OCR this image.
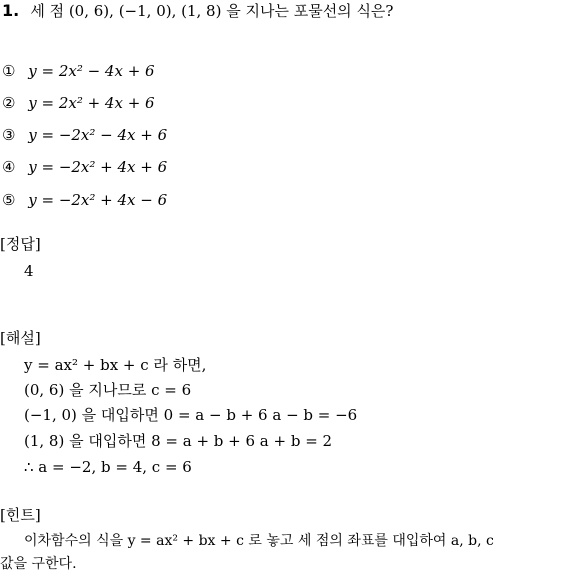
1. 세 점 (0, 6), (−1, 0), (1, 8) 을 지나는 포물선의 식은?
① y = 2x² − 4x + 6
② y = 2x² + 4x + 6
③ y = −2x² − 4x + 6
④ y = −2x² + 4x + 6
⑤ y = −2x² + 4x − 6
[정답]
4
[해설]
y = ax² + bx + c 라 하면,
(0, 6) 을 지나므로 c = 6
(−1, 0) 을 대입하면 0 = a − b + 6 a − b = −6
(1, 8) 을 대입하면 8 = a + b + 6 a + b = 2
∴ a = −2, b = 4, c = 6
[힌트]
이차함수의 식을 y = ax² + bx + c 로 놓고 세 점의 좌표를 대입하여 a, b, c
값을 구한다.
